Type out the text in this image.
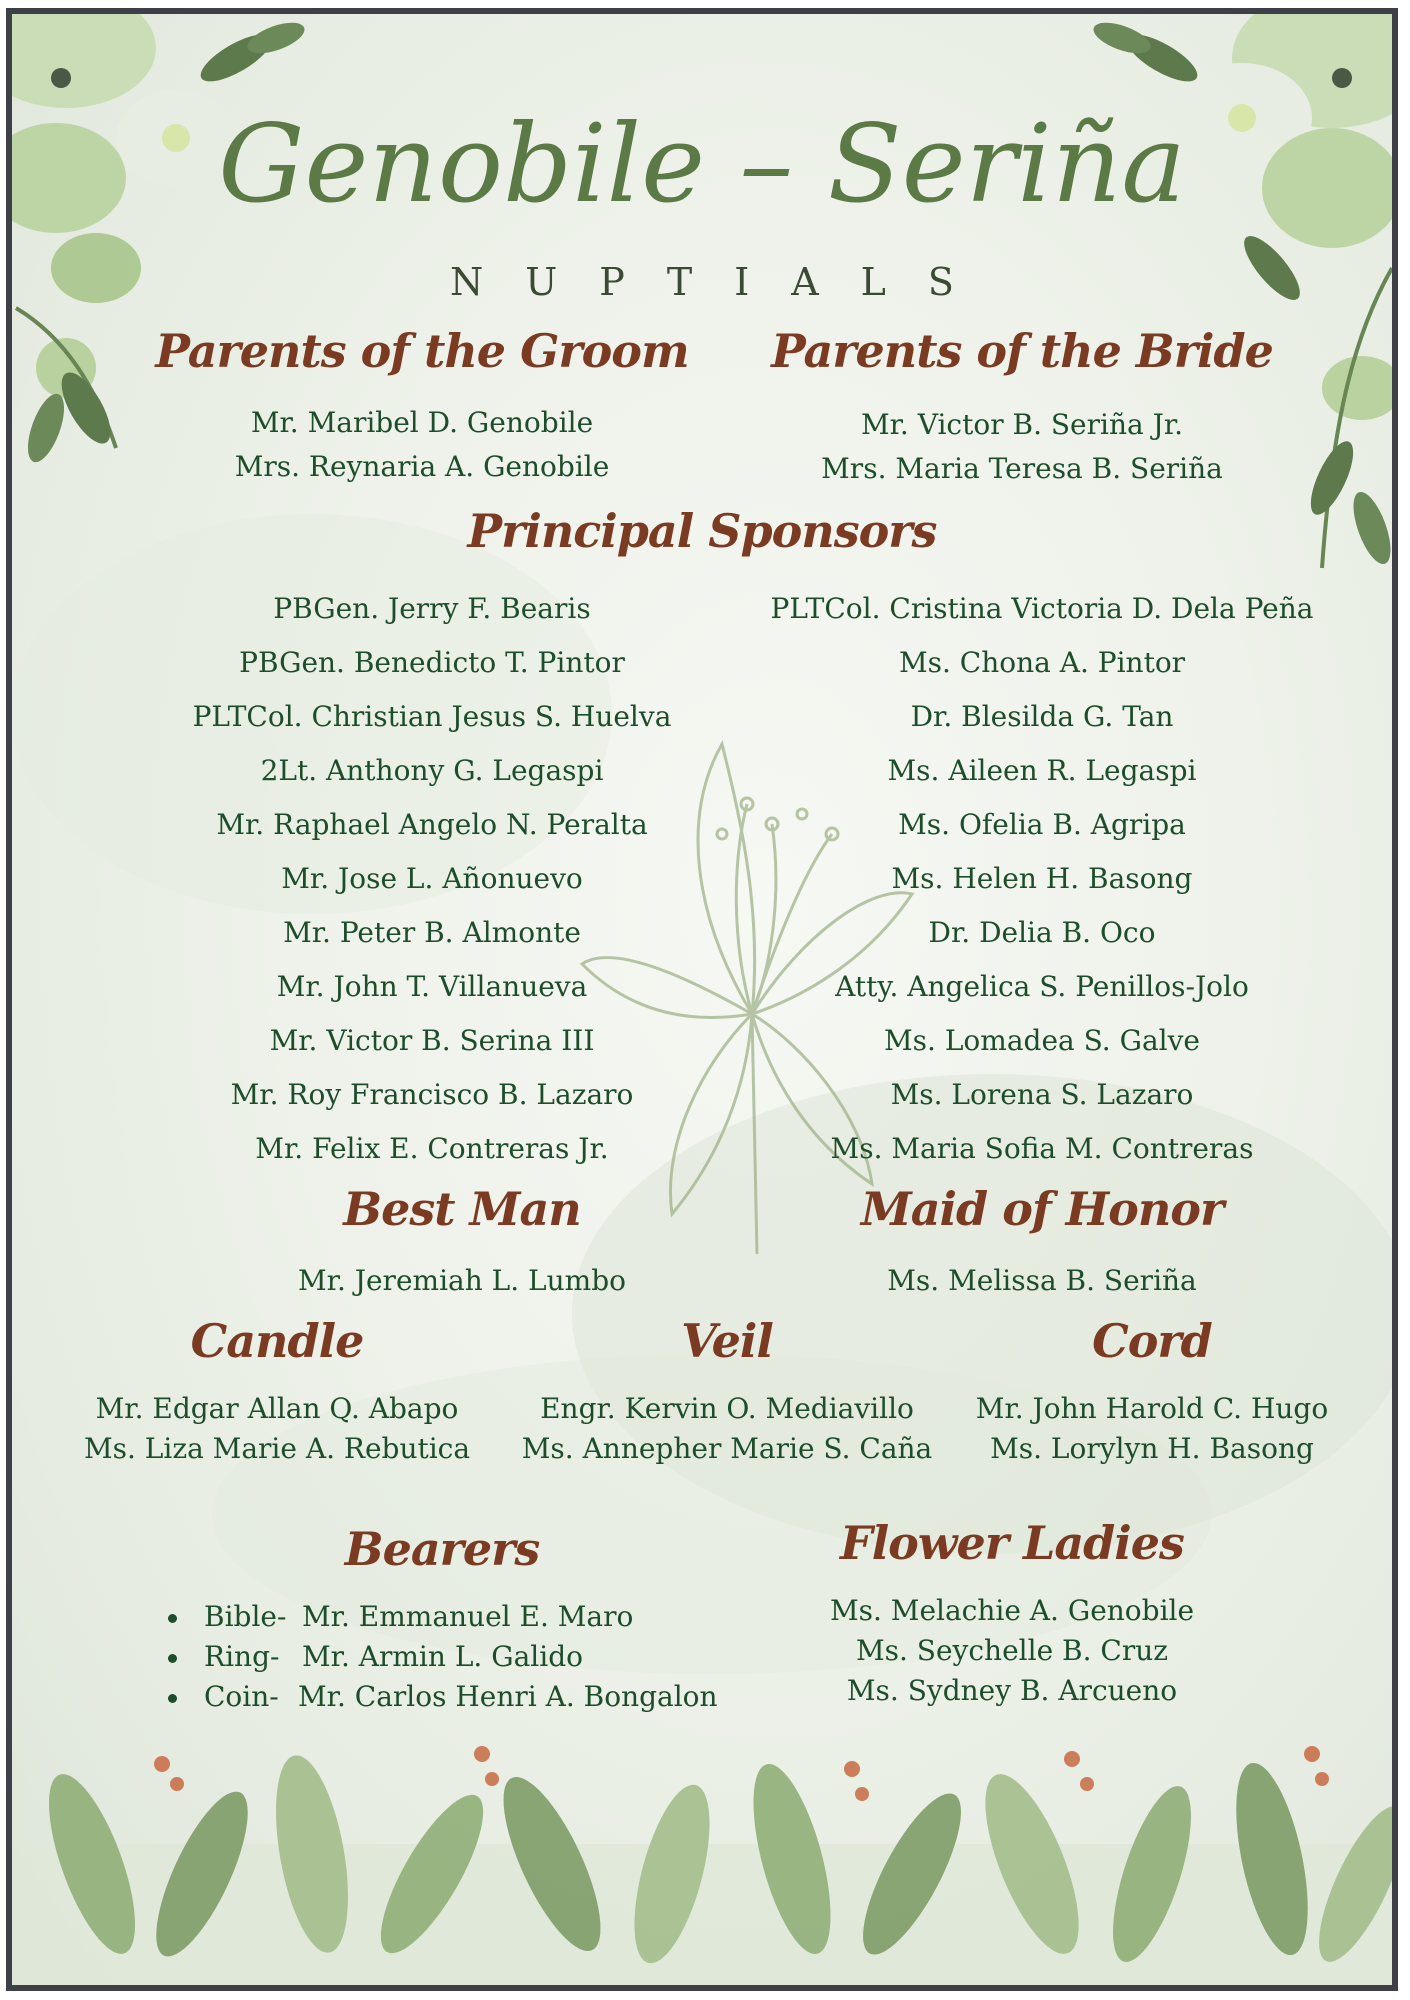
Genobile – Seriña
NUPTIALS
Parents of the Groom
Mr. Maribel D. Genobile
Mrs. Reynaria A. Genobile
Parents of the Bride
Mr. Victor B. Seriña Jr.
Mrs. Maria Teresa B. Seriña
Principal Sponsors
PBGen. Jerry F. Bearis
PBGen. Benedicto T. Pintor
PLTCol. Christian Jesus S. Huelva
2Lt. Anthony G. Legaspi
Mr. Raphael Angelo N. Peralta
Mr. Jose L. Añonuevo
Mr. Peter B. Almonte
Mr. John T. Villanueva
Mr. Victor B. Serina III
Mr. Roy Francisco B. Lazaro
Mr. Felix E. Contreras Jr.
PLTCol. Cristina Victoria D. Dela Peña
Ms. Chona A. Pintor
Dr. Blesilda G. Tan
Ms. Aileen R. Legaspi
Ms. Ofelia B. Agripa
Ms. Helen H. Basong
Dr. Delia B. Oco
Atty. Angelica S. Penillos-Jolo
Ms. Lomadea S. Galve
Ms. Lorena S. Lazaro
Ms. Maria Sofia M. Contreras
Best Man
Mr. Jeremiah L. Lumbo
Maid of Honor
Ms. Melissa B. Seriña
Candle
Mr. Edgar Allan Q. Abapo
Ms. Liza Marie A. Rebutica
Veil
Engr. Kervin O. Mediavillo
Ms. Annepher Marie S. Caña
Cord
Mr. John Harold C. Hugo
Ms. Lorylyn H. Basong
Bearers
Bible- Mr. Emmanuel E. Maro
Ring- Mr. Armin L. Galido
Coin- Mr. Carlos Henri A. Bongalon
Flower Ladies
Ms. Melachie A. Genobile
Ms. Seychelle B. Cruz
Ms. Sydney B. Arcueno
